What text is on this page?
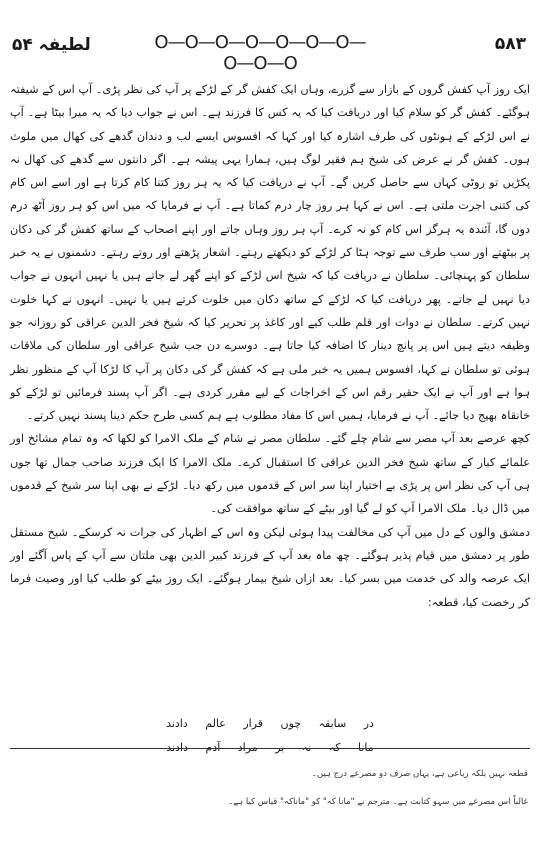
لطیفہ ۵۴	O—O—O—O—O—O—O—O—O—O
۵۸۳

ایک روز آپ کفش گروں کے بازار سے گزرے، وہاں ایک کفش گر کے لڑکے پر آپ کی نظر پڑی۔ آپ اس کے شیفتہ ہوگئے۔ کفش گر کو سلام کیا اور دریافت کیا کہ یہ کس کا فرزند ہے۔ اس نے جواب دیا کہ یہ میرا بیٹا ہے۔ آپ نے اس لڑکے کے ہونٹوں کی طرف اشارہ کیا اور کہا کہ افسوس ایسے لب و دندان گدھے کی کھال میں ملوث ہوں۔ کفش گر نے عرض کی شیخ ہم فقیر لوگ ہیں، ہمارا یہی پیشہ ہے۔ اگر دانتوں سے گدھے کی کھال نہ پکڑیں تو روٹی کہاں سے حاصل کریں گے۔ آپ نے دریافت کیا کہ یہ ہر روز کتنا کام کرتا ہے اور اسے اس کام کی کتنی اجرت ملتی ہے۔ اس نے کہا ہر روز چار درم کماتا ہے۔ آپ نے فرمایا کہ میں اس کو ہر روز آٹھ درم دوں گا، آئندہ یہ ہرگز اس کام کو نہ کرے۔ آپ ہر روز وہاں جاتے اور اپنے اصحاب کے ساتھ کفش گر کی دکان پر بیٹھتے اور سب طرف سے توجہ ہٹا کر لڑکے کو دیکھتے رہتے۔ اشعار پڑھتے اور روتے رہتے۔ دشمنوں نے یہ خبر سلطان کو پہنچائی۔ سلطان نے دریافت کیا کہ شیخ اس لڑکے کو اپنے گھر لے جاتے ہیں یا نہیں انہوں نے جواب دیا نہیں لے جاتے۔ پھر دریافت کیا کہ لڑکے کے ساتھ دکان میں خلوت کرتے ہیں یا نہیں۔ انہوں نے کہا خلوت نہیں کرتے۔ سلطان نے دوات اور قلم طلب کیے اور کاغذ پر تحریر کیا کہ شیخ فخر الدین عراقی کو روزانہ جو وظیفہ دیتے ہیں اس پر پانچ دینار کا اضافہ کیا جاتا ہے۔ دوسرے دن جب شیخ عراقی اور سلطان کی ملاقات ہوئی تو سلطان نے کہا، افسوس ہمیں یہ خبر ملی ہے کہ کفش گر کی دکان پر آپ کا لڑکا آپ کے منظور نظر ہوا ہے اور آپ نے ایک حقیر رقم اس کے اخراجات کے لیے مقرر کردی ہے۔ اگر آپ پسند فرمائیں تو لڑکے کو خانقاہ بھیج دیا جائے۔ آپ نے فرمایا، ہمیں اس کا مفاد مطلوب ہے ہم کسی طرح حکم دینا پسند نہیں کرتے۔

کچھ عرصے بعد آپ مصر سے شام چلے گئے۔ سلطان مصر نے شام کے ملک الامرا کو لکھا کہ وہ تمام مشائخ اور علمائے کبار کے ساتھ شیخ فخر الدین عراقی کا استقبال کرے۔ ملک الامرا کا ایک فرزند صاحب جمال تھا جوں ہی آپ کی نظر اس پر پڑی بے اختیار اپنا سر اس کے قدموں میں رکھ دیا۔ لڑکے نے بھی اپنا سر شیخ کے قدموں میں ڈال دیا۔ ملک الامرا آپ کو لے گیا اور بیٹے کے ساتھ موافقت کی۔

دمشق والوں کے دل میں آپ کی مخالفت پیدا ہوئی لیکن وہ اس کے اظہار کی جرات نہ کرسکے۔ شیخ مستقل طور پر دمشق میں قیام پذیر ہوگئے۔ چھ ماہ بعد آپ کے فرزند کبیر الدین بھی ملتان سے آپ کے پاس آگئے اور ایک عرصہ والد کی خدمت میں بسر کیا۔ بعد ازاں شیخ بیمار ہوگئے۔ ایک روز بیٹے کو طلب کیا اور وصیت فرما کر رخصت کیا، قطعہ:

در سابقہ چوں قرار عالم دادند
مانا کہ نہ بر مراد آدم دادند

قطعہ نہیں بلکہ رباعی ہے، یہاں صرف دو مصرعے درج ہیں۔

غالباً اس مصرعے میں سہو کتابت ہے۔ مترجم نے "مانا کہ" کو "ماناکہ" قیاس کیا ہے۔
